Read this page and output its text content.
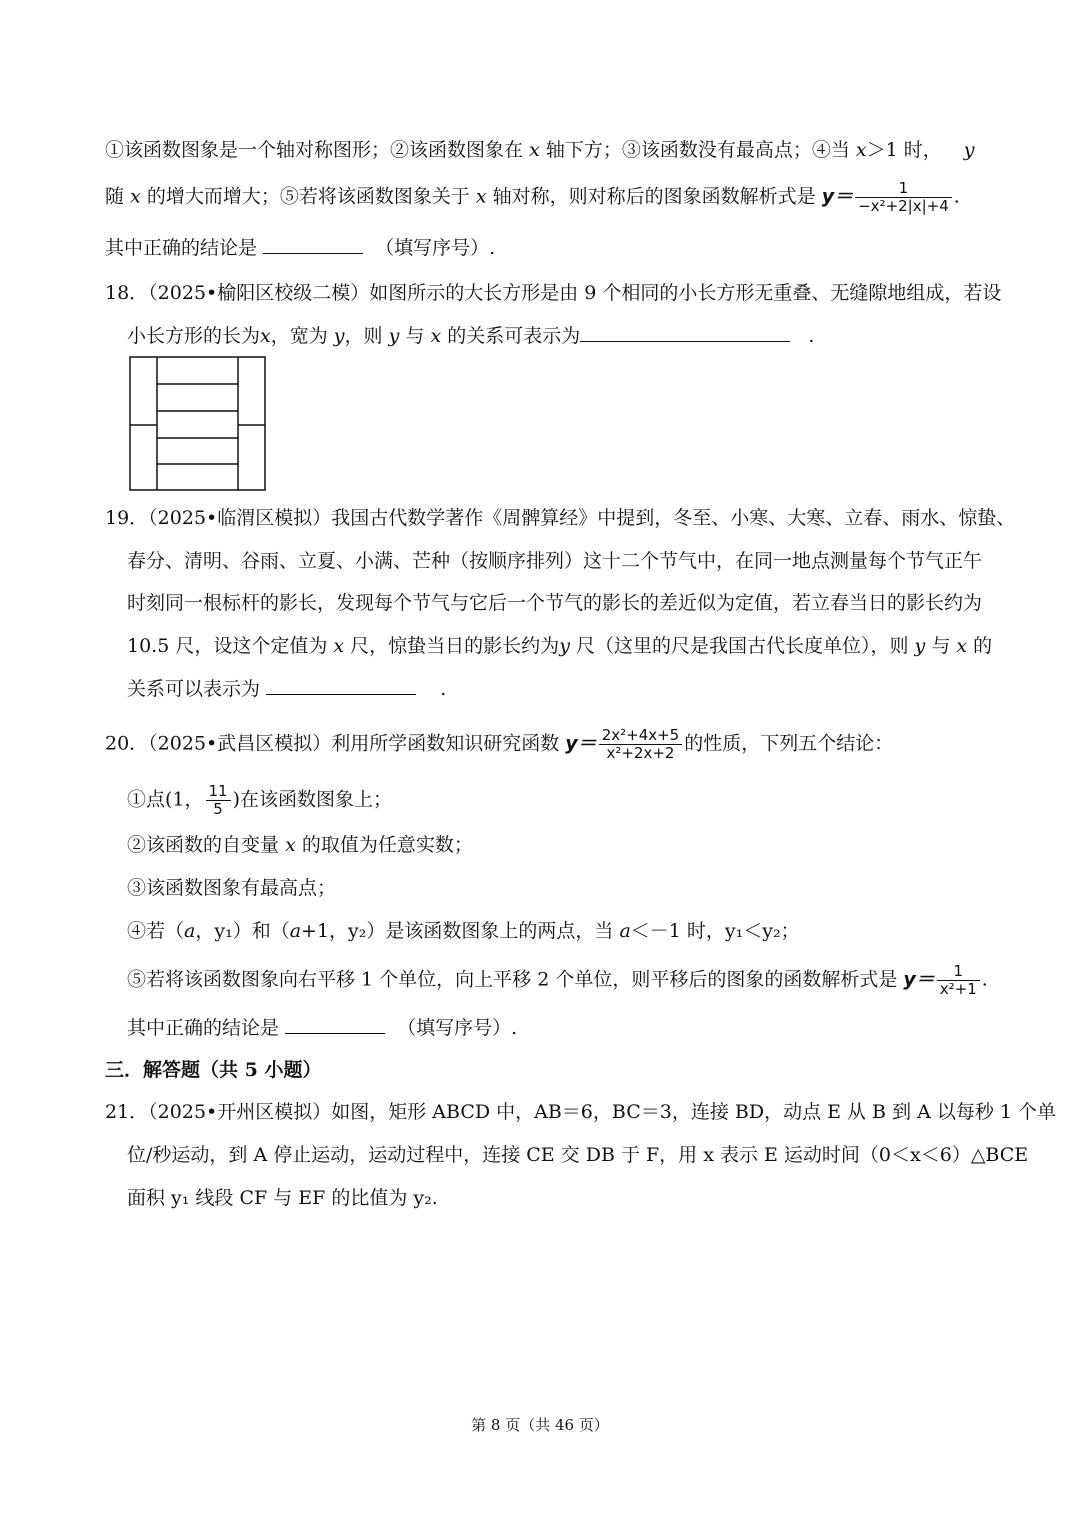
①该函数图象是一个轴对称图形；②该函数图象在 x 轴下方；③该函数没有最高点；④当 x＞1 时， y
随 x 的增大而增大；⑤若将该函数图象关于 x 轴对称，则对称后的图象函数解析式是 $y= \frac{1}{\text{−x²+2|x|+4}}$ .
其中正确的结论是	（填写序号）.
18．（2025•榆阳区校级二模）如图所示的大长方形是由 9 个相同的小长方形无重叠、无缝隙地组成，若设
小长方形的长为x，宽为 y，则 y 与 x 的关系可表示为	.
19．（2025•临渭区模拟）我国古代数学著作《周髀算经》中提到，冬至、小寒、大寒、立春、雨水、惊蛰、
春分、清明、谷雨、立夏、小满、芒种（按顺序排列）这十二个节气中，在同一地点测量每个节气正午
时刻同一根标杆的影长，发现每个节气与它后一个节气的影长的差近似为定值，若立春当日的影长约为
10.5 尺，设这个定值为 x 尺，惊蛰当日的影长约为y 尺（这里的尺是我国古代长度单位），则 y 与 x 的
关系可以表示为	.
20．（2025•武昌区模拟）利用所学函数知识研究函数 $y= \frac{\text{2x²+4x+5}}{\text{x²+2x+2}}$ 的性质，下列五个结论：
①点(1， $\frac{11}{5}$ )在该函数图象上；
②该函数的自变量 x 的取值为任意实数；
③该函数图象有最高点；
④若（a，y₁）和（a+1，y₂）是该函数图象上的两点，当 a＜－1 时，y₁＜y₂；
⑤若将该函数图象向右平移 1 个单位，向上平移 2 个单位，则平移后的图象的函数解析式是 $y= \frac{1}{\text{x²+1}}$ .
其中正确的结论是	（填写序号）.
三．解答题（共 5 小题）
21．（2025•开州区模拟）如图，矩形 ABCD 中，AB＝6，BC＝3，连接 BD，动点 E 从 B 到 A 以每秒 1 个单
位/秒运动，到 A 停止运动，运动过程中，连接 CE 交 DB 于 F，用 x 表示 E 运动时间（0＜x＜6）△BCE
面积 y₁ 线段 CF 与 EF 的比值为 y₂.
第 8 页（共 46 页）
